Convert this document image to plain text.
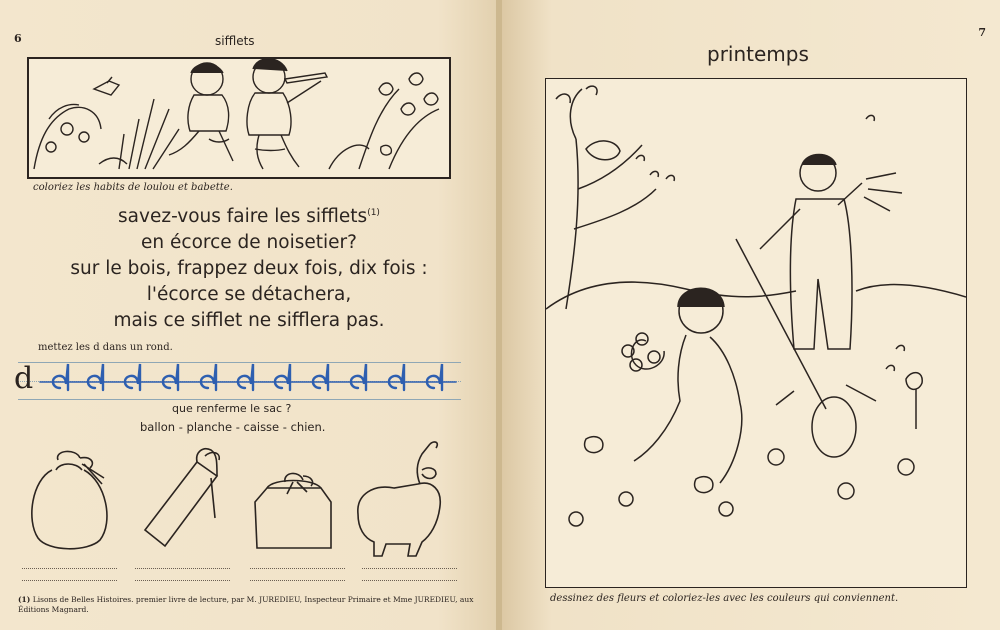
6	sifflets
coloriez les habits de loulou et babette.
savez-vous faire les sifflets$^{(1)}$
en écorce de noisetier?
sur le bois, frappez deux fois, dix fois :
l'écorce se détachera,
mais ce sifflet ne sifflera pas.
mettez les d dans un rond.
d
que renferme le sac ?
ballon - planche - caisse - chien.
(1) Lisons de Belles Histoires. premier livre de lecture, par M. JUREDIEU, Inspecteur Primaire et Mme JUREDIEU, aux Éditions Magnard.
7
printemps
dessinez des fleurs et coloriez-les avec les couleurs qui conviennent.
